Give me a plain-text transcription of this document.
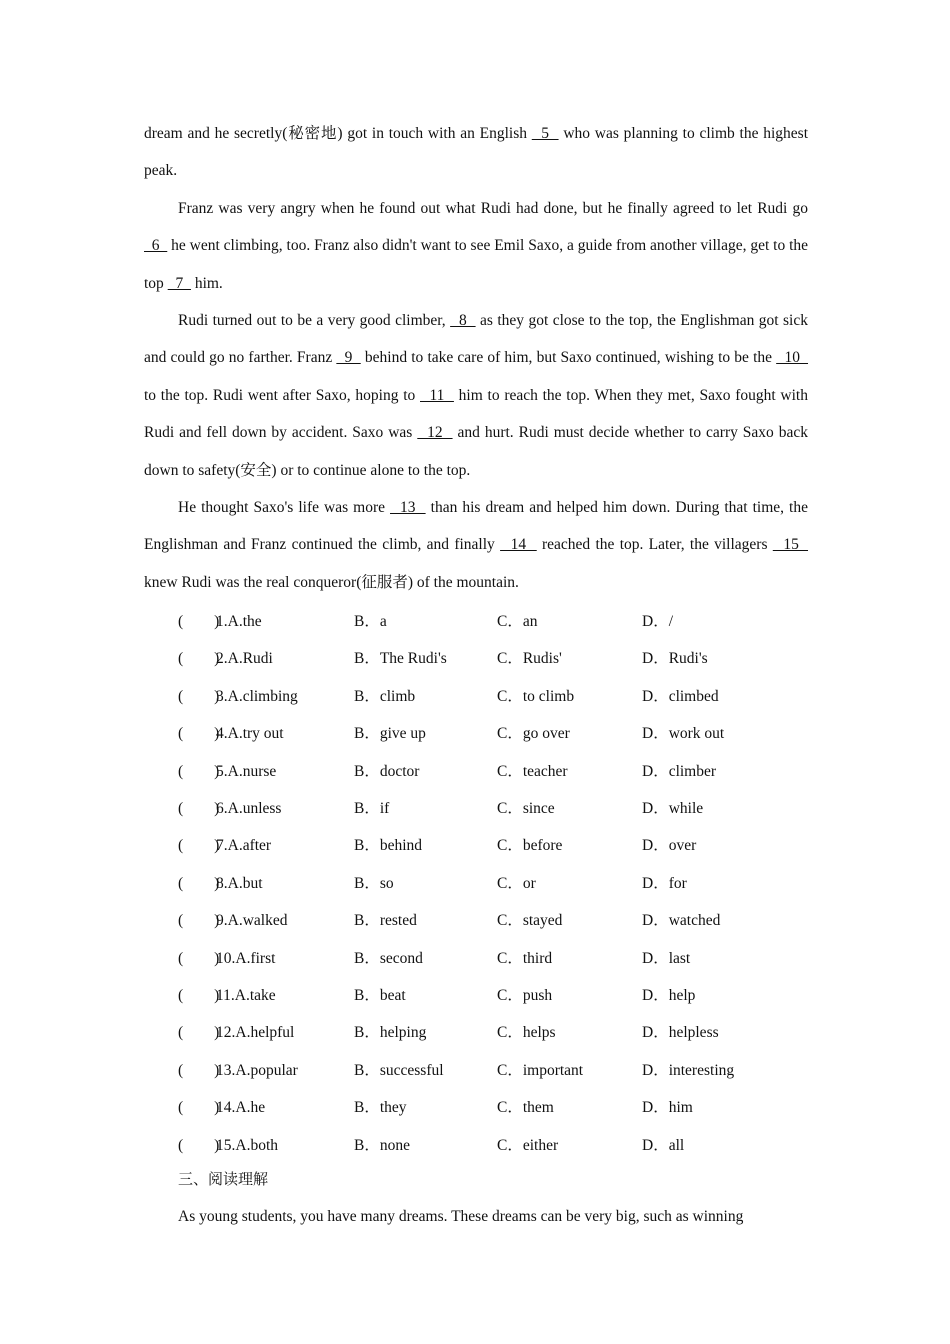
dream and he secretly(秘密地) got in touch with an English   5   who was planning to climb the highest peak.

Franz was very angry when he found out what Rudi had done, but he finally agreed to let Rudi go   6   he went climbing, too. Franz also didn't want to see Emil Saxo, a guide from another village, get to the top   7   him.

Rudi turned out to be a very good climber,   8   as they got close to the top, the Englishman got sick and could go no farther. Franz   9   behind to take care of him, but Saxo continued, wishing to be the   10   to the top. Rudi went after Saxo, hoping to   11   him to reach the top. When they met, Saxo fought with Rudi and fell down by accident. Saxo was   12   and hurt. Rudi must decide whether to carry Saxo back down to safety(安全) or to continue alone to the top.

He thought Saxo's life was more   13   than his dream and helped him down. During that time, the Englishman and Franz continued the climb, and finally   14   reached the top. Later, the villagers   15   knew Rudi was the real conqueror(征服者) of the mountain.

(        )
1.A.the	B．a	C．an	D．/
(        )
2.A.Rudi	B．The Rudi's	C．Rudis'	D．Rudi's
(        )
3.A.climbing	B．climb	C．to climb	D．climbed
(        )
4.A.try out	B．give up	C．go over	D．work out
(        )
5.A.nurse	B．doctor	C．teacher	D．climber
(        )
6.A.unless	B．if	C．since	D．while
(        )
7.A.after	B．behind	C．before	D．over
(        )
8.A.but	B．so	C．or	D．for
(        )
9.A.walked	B．rested	C．stayed	D．watched
(        )
10.A.first	B．second	C．third	D．last
(        )
11.A.take	B．beat	C．push	D．help
(        )
12.A.helpful	B．helping	C．helps	D．helpless
(        )
13.A.popular	B．successful	C．important	D．interesting
(        )
14.A.he	B．they	C．them	D．him
(        )
15.A.both	B．none	C．either	D．all
三、阅读理解

As young students, you have many dreams. These dreams can be very big, such as winning
